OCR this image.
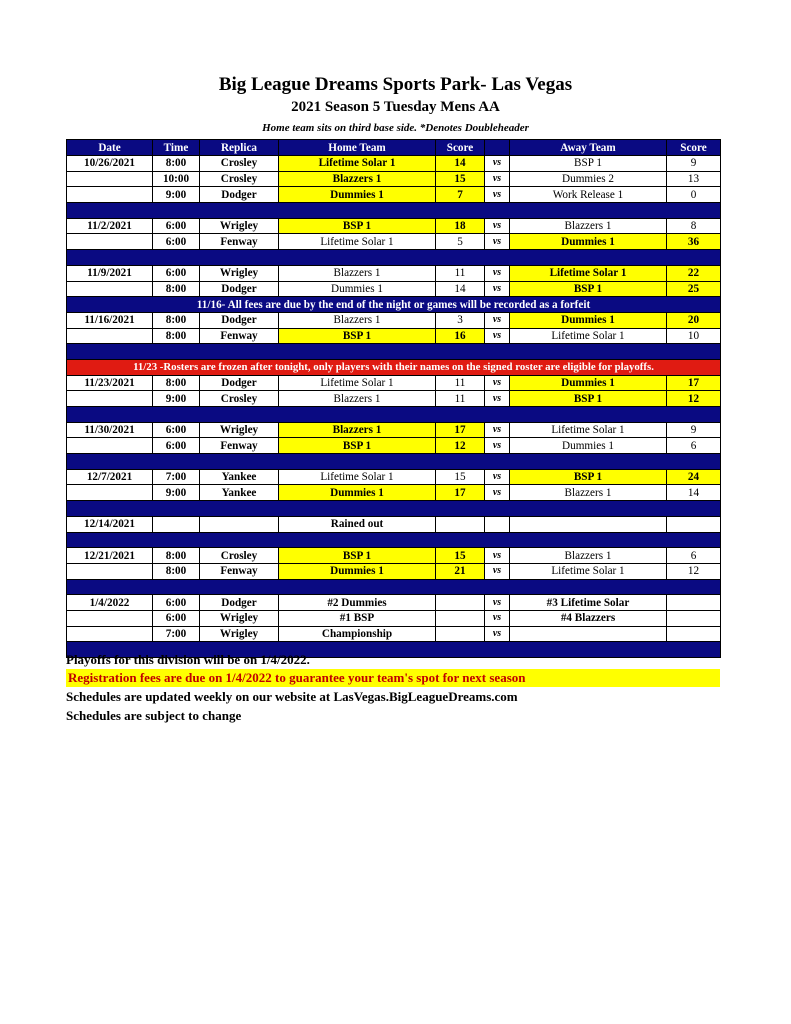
Big League Dreams Sports Park- Las Vegas
2021 Season 5 Tuesday Mens AA
Home team sits on third base side. *Denotes Doubleheader
Date	Time	Replica	Home Team	Score		Away Team	Score
10/26/2021	8:00	Crosley	Lifetime Solar 1	14	vs	BSP 1	9
	10:00	Crosley	Blazzers 1	15	vs	Dummies 2	13
	9:00	Dodger	Dummies 1	7	vs	Work Release 1	0

11/2/2021	6:00	Wrigley	BSP 1	18	vs	Blazzers 1	8
	6:00	Fenway	Lifetime Solar 1	5	vs	Dummies 1	36

11/9/2021	6:00	Wrigley	Blazzers 1	11	vs	Lifetime Solar 1	22
	8:00	Dodger	Dummies 1	14	vs	BSP 1	25
11/16- All fees are due by the end of the night or games will be recorded as a forfeit							
11/16/2021	8:00	Dodger	Blazzers 1	3	vs	Dummies 1	20
	8:00	Fenway	BSP 1	16	vs	Lifetime Solar 1	10

11/23 -Rosters are frozen after tonight, only players with their names on the signed roster are eligible for playoffs.							
11/23/2021	8:00	Dodger	Lifetime Solar 1	11	vs	Dummies 1	17
	9:00	Crosley	Blazzers 1	11	vs	BSP 1	12

11/30/2021	6:00	Wrigley	Blazzers 1	17	vs	Lifetime Solar 1	9
	6:00	Fenway	BSP 1	12	vs	Dummies 1	6

12/7/2021	7:00	Yankee	Lifetime Solar 1	15	vs	BSP 1	24
	9:00	Yankee	Dummies 1	17	vs	Blazzers 1	14

12/14/2021			Rained out				

12/21/2021	8:00	Crosley	BSP 1	15	vs	Blazzers 1	6
	8:00	Fenway	Dummies 1	21	vs	Lifetime Solar 1	12

1/4/2022	6:00	Dodger	#2 Dummies		vs	#3 Lifetime Solar	
	6:00	Wrigley	#1 BSP		vs	#4 Blazzers	
	7:00	Wrigley	Championship		vs		

Playoffs for this division will be on 1/4/2022.
Registration fees are due on 1/4/2022 to guarantee your team's spot for next season
Schedules are updated weekly on our website at LasVegas.BigLeagueDreams.com
Schedules are subject to change
